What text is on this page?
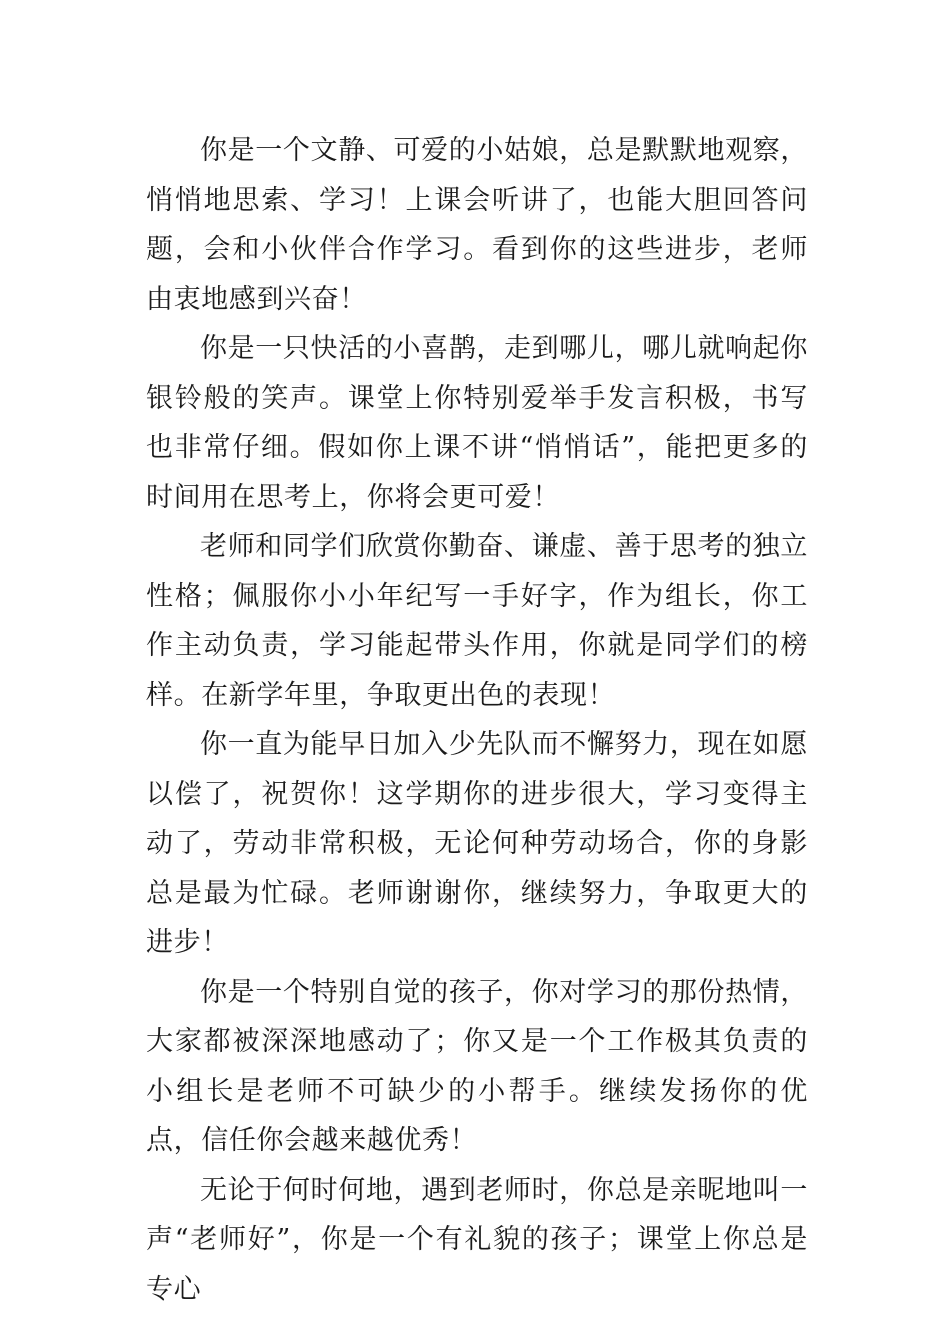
你是一个文静、可爱的小姑娘，总是默默地观察，悄悄地思索、学习！上课会听讲了，也能大胆回答问题，会和小伙伴合作学习。看到你的这些进步，老师由衷地感到兴奋！

你是一只快活的小喜鹊，走到哪儿，哪儿就响起你银铃般的笑声。课堂上你特别爱举手发言积极，书写也非常仔细。假如你上课不讲“悄悄话”，能把更多的时间用在思考上，你将会更可爱！

老师和同学们欣赏你勤奋、谦虚、善于思考的独立性格；佩服你小小年纪写一手好字，作为组长，你工作主动负责，学习能起带头作用，你就是同学们的榜样。在新学年里，争取更出色的表现！

你一直为能早日加入少先队而不懈努力，现在如愿以偿了，祝贺你！这学期你的进步很大，学习变得主动了，劳动非常积极，无论何种劳动场合，你的身影总是最为忙碌。老师谢谢你，继续努力，争取更大的进步！

你是一个特别自觉的孩子，你对学习的那份热情，大家都被深深地感动了；你又是一个工作极其负责的小组长是老师不可缺少的小帮手。继续发扬你的优点，信任你会越来越优秀！

无论于何时何地，遇到老师时，你总是亲昵地叫一声“老师好”，你是一个有礼貌的孩子；课堂上你总是专心
